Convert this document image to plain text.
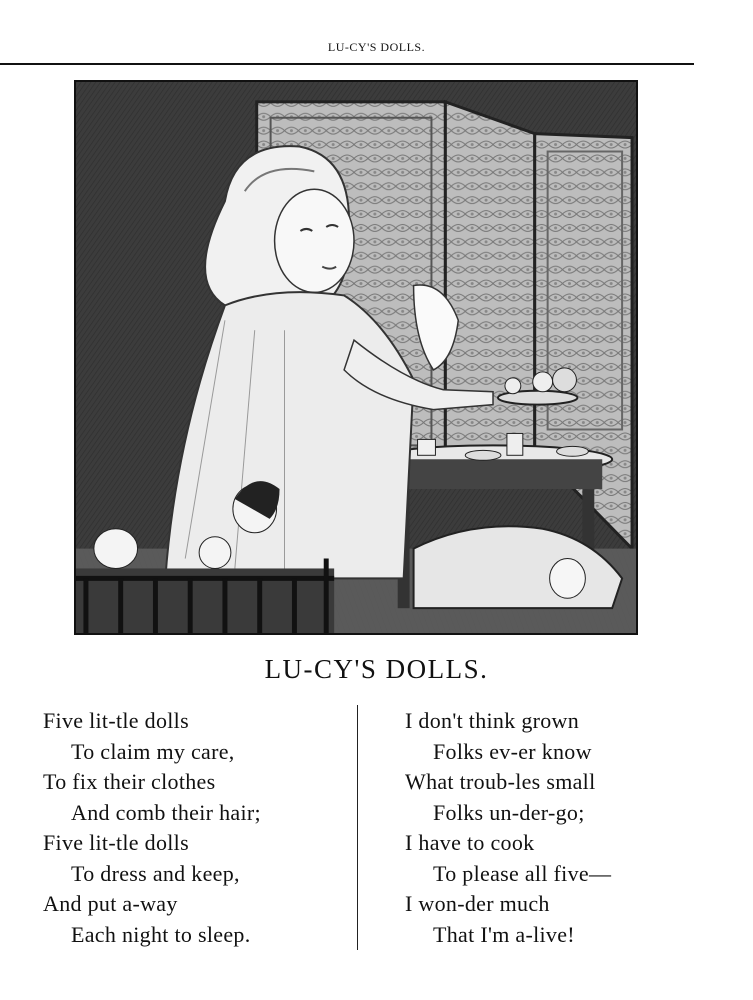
LU-CY'S DOLLS.
LU-CY'S DOLLS.
Five lit-tle dolls
To claim my care,
To fix their clothes
And comb their hair;
Five lit-tle dolls
To dress and keep,
And put a-way
Each night to sleep.
I don't think grown
Folks ev-er know
What troub-les small
Folks un-der-go;
I have to cook
To please all five—
I won-der much
That I'm a-live!
